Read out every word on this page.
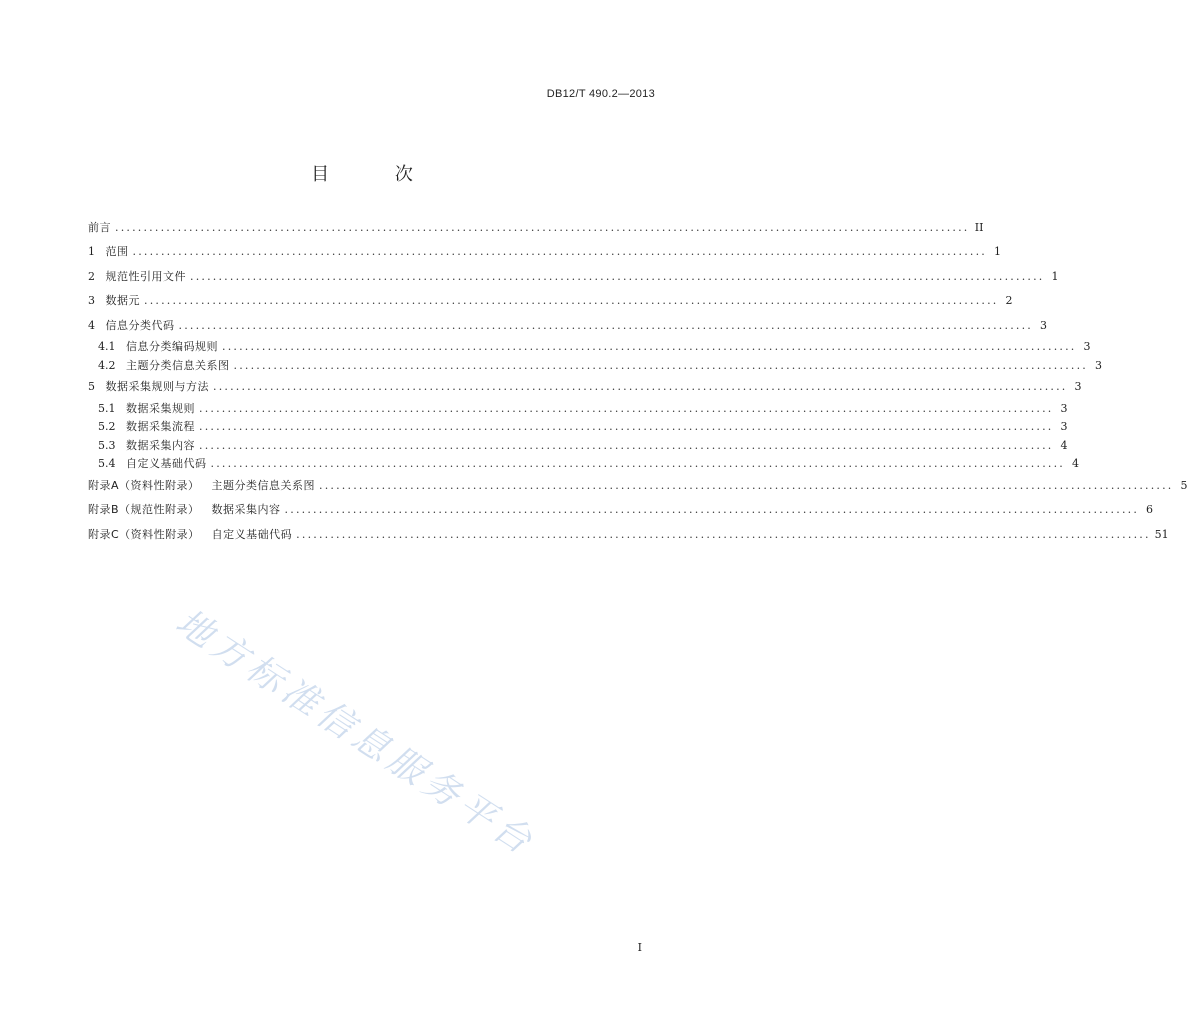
DB12/T 490.2—2013
目 次
前言 ...................................................................................................................................................... II
1
范围 ...................................................................................................................................................... 1
2
规范性引用文件 ...................................................................................................................................................... 1
3
数据元 ...................................................................................................................................................... 2
4
信息分类代码 ...................................................................................................................................................... 3
4.1
信息分类编码规则 ...................................................................................................................................................... 3
4.2
主题分类信息关系图 ...................................................................................................................................................... 3
5
数据采集规则与方法 ...................................................................................................................................................... 3
5.1
数据采集规则 ...................................................................................................................................................... 3
5.2
数据采集流程 ...................................................................................................................................................... 3
5.3
数据采集内容 ...................................................................................................................................................... 4
5.4
自定义基础代码 ...................................................................................................................................................... 4
附录A（资料性附录）   主题分类信息关系图 ...................................................................................................................................................... 5
附录B（规范性附录）   数据采集内容 ...................................................................................................................................................... 6
附录C（资料性附录）   自定义基础代码 ...................................................................................................................................................... 51
地方标准信息服务平台
I
